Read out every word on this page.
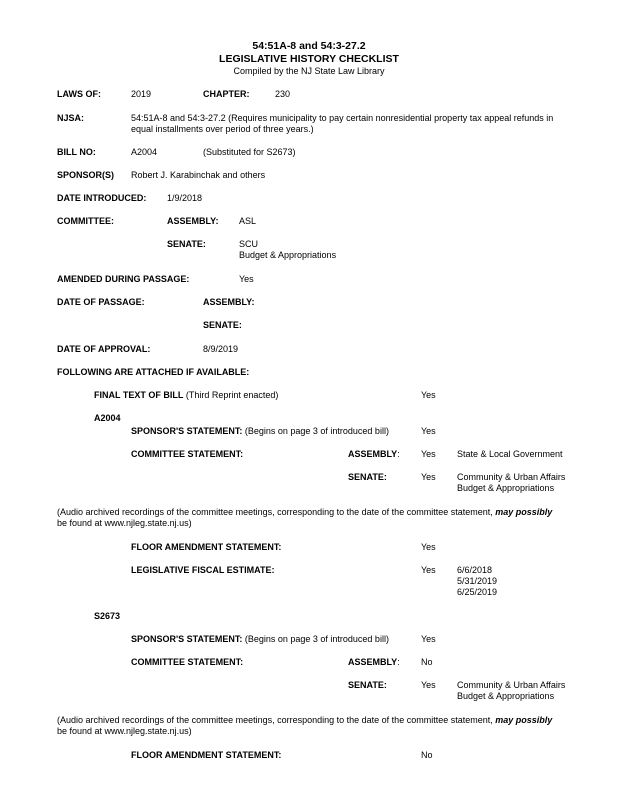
54:51A-8 and 54:3-27.2
LEGISLATIVE HISTORY CHECKLIST
Compiled by the NJ State Law Library
LAWS OF:	2019	CHAPTER:	230
NJSA:	54:51A-8 and 54:3-27.2 (Requires municipality to pay certain nonresidential property tax appeal refunds in
equal installments over period of three years.)
BILL NO:	A2004	(Substituted for S2673)
SPONSOR(S) Robert J. Karabinchak and others
DATE INTRODUCED: 1/9/2018
COMMITTEE:	ASSEMBLY: ASL
SENATE:	SCU
Budget & Appropriations
AMENDED DURING PASSAGE:	Yes
DATE OF PASSAGE:	ASSEMBLY:
SENATE:
DATE OF APPROVAL:	8/9/2019
FOLLOWING ARE ATTACHED IF AVAILABLE:
FINAL TEXT OF BILL (Third Reprint enacted)	Yes
A2004
SPONSOR'S STATEMENT: (Begins on page 3 of introduced bill)	Yes
COMMITTEE STATEMENT:	ASSEMBLY: Yes State & Local Government
SENATE:	Yes Community & Urban Affairs
Budget & Appropriations
(Audio archived recordings of the committee meetings, corresponding to the date of the committee statement, may possibly
be found at www.njleg.state.nj.us)
FLOOR AMENDMENT STATEMENT:	Yes
LEGISLATIVE FISCAL ESTIMATE:	Yes 6/6/2018
5/31/2019
6/25/2019
S2673
SPONSOR'S STATEMENT: (Begins on page 3 of introduced bill)	Yes
COMMITTEE STATEMENT:	ASSEMBLY: No
SENATE:	Yes Community & Urban Affairs
Budget & Appropriations
(Audio archived recordings of the committee meetings, corresponding to the date of the committee statement, may possibly
be found at www.njleg.state.nj.us)
FLOOR AMENDMENT STATEMENT:	No
